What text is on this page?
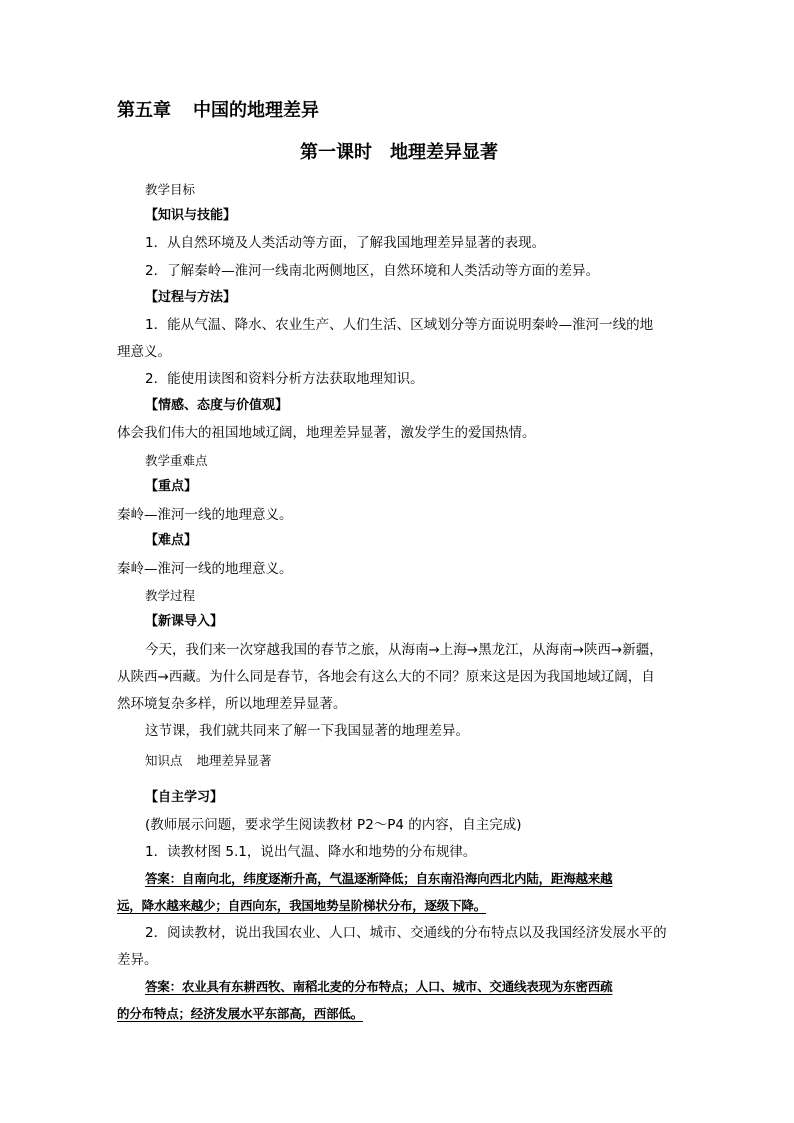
第五章 中国的地理差异
第一课时 地理差异显著
教学目标
【知识与技能】
1．从自然环境及人类活动等方面，了解我国地理差异显著的表现。
2．了解秦岭—淮河一线南北两侧地区，自然环境和人类活动等方面的差异。
【过程与方法】
1．能从气温、降水、农业生产、人们生活、区域划分等方面说明秦岭—淮河一线的地
理意义。
2．能使用读图和资料分析方法获取地理知识。
【情感、态度与价值观】
体会我们伟大的祖国地域辽阔，地理差异显著，激发学生的爱国热情。
教学重难点
【重点】
秦岭—淮河一线的地理意义。
【难点】
秦岭—淮河一线的地理意义。
教学过程
【新课导入】
今天，我们来一次穿越我国的春节之旅，从海南→上海→黑龙江，从海南→陕西→新疆，
从陕西→西藏。为什么同是春节，各地会有这么大的不同？原来这是因为我国地域辽阔，自
然环境复杂多样，所以地理差异显著。
这节课，我们就共同来了解一下我国显著的地理差异。
知识点 地理差异显著
【自主学习】
(教师展示问题，要求学生阅读教材 P2～P4 的内容，自主完成)
1．读教材图 5.1，说出气温、降水和地势的分布规律。
答案：自南向北，纬度逐渐升高，气温逐渐降低；自东南沿海向西北内陆，距海越来越
远，降水越来越少；自西向东，我国地势呈阶梯状分布，逐级下降。
2．阅读教材，说出我国农业、人口、城市、交通线的分布特点以及我国经济发展水平的
差异。
答案：农业具有东耕西牧、南稻北麦的分布特点；人口、城市、交通线表现为东密西疏
的分布特点；经济发展水平东部高，西部低。
